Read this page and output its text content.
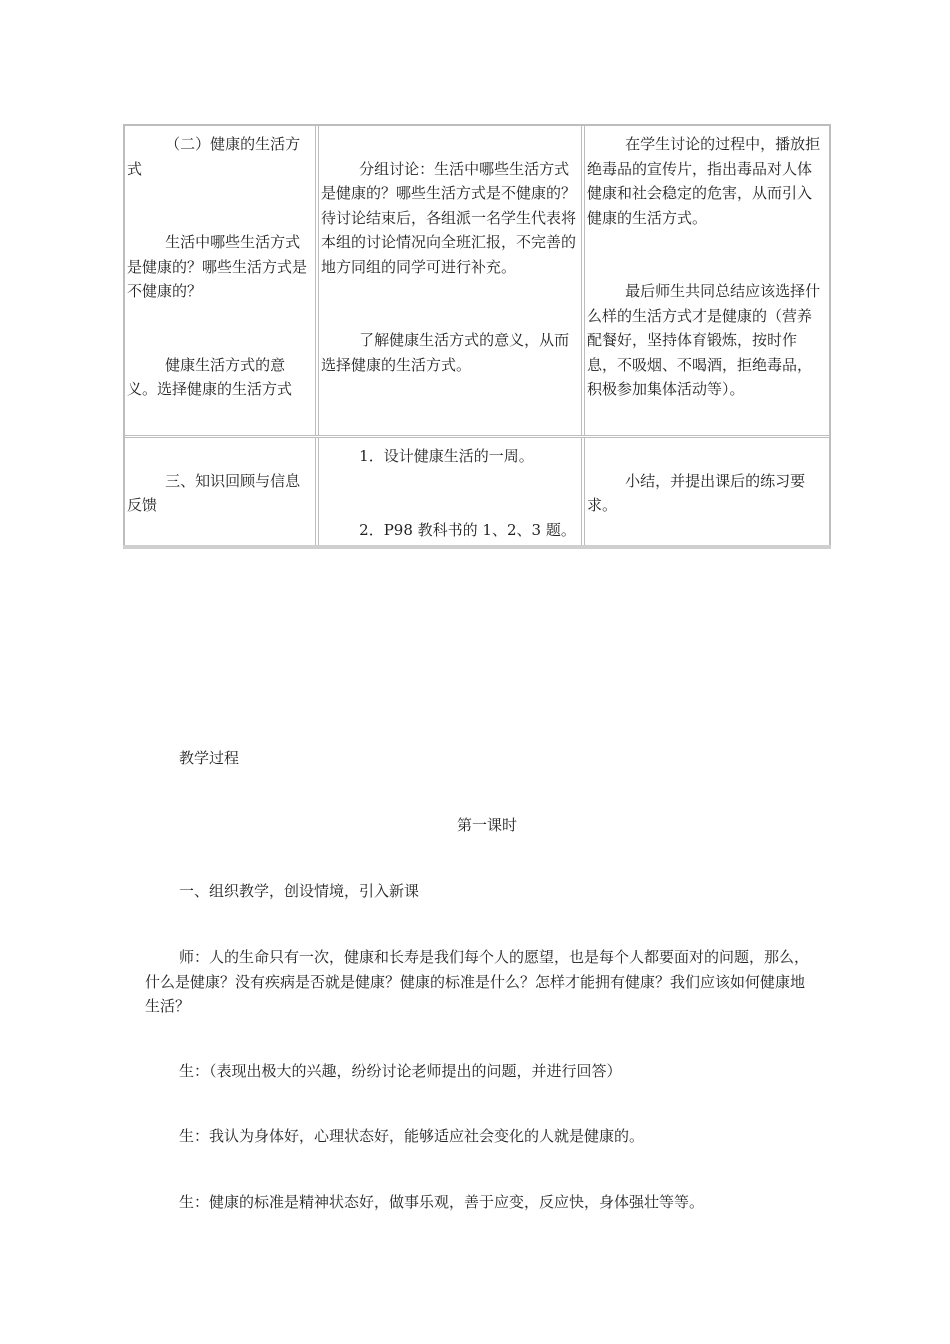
（二）健康的生活方式

生活中哪些生活方式是健康的？哪些生活方式是不健康的？

健康生活方式的意义。选择健康的生活方式

分组讨论：生活中哪些生活方式是健康的？哪些生活方式是不健康的？待讨论结束后，各组派一名学生代表将本组的讨论情况向全班汇报，不完善的地方同组的同学可进行补充。

了解健康生活方式的意义，从而选择健康的生活方式。
在学生讨论的过程中，播放拒绝毒品的宣传片，指出毒品对人体健康和社会稳定的危害，从而引入健康的生活方式。

最后师生共同总结应该选择什么样的生活方式才是健康的（营养配餐好，坚持体育锻炼，按时作息，不吸烟、不喝酒，拒绝毒品，积极参加集体活动等）。

三、知识回顾与信息反馈
1．设计健康生活的一周。

2．P98 教科书的 1、2、3 题。

小结，并提出课后的练习要求。
教学过程
第一课时
一、组织教学，创设情境，引入新课
师：人的生命只有一次，健康和长寿是我们每个人的愿望，也是每个人都要面对的问题，那么，什么是健康？没有疾病是否就是健康？健康的标准是什么？怎样才能拥有健康？我们应该如何健康地生活？
生：（表现出极大的兴趣，纷纷讨论老师提出的问题，并进行回答）
生：我认为身体好，心理状态好，能够适应社会变化的人就是健康的。
生：健康的标准是精神状态好，做事乐观，善于应变，反应快，身体强壮等等。
